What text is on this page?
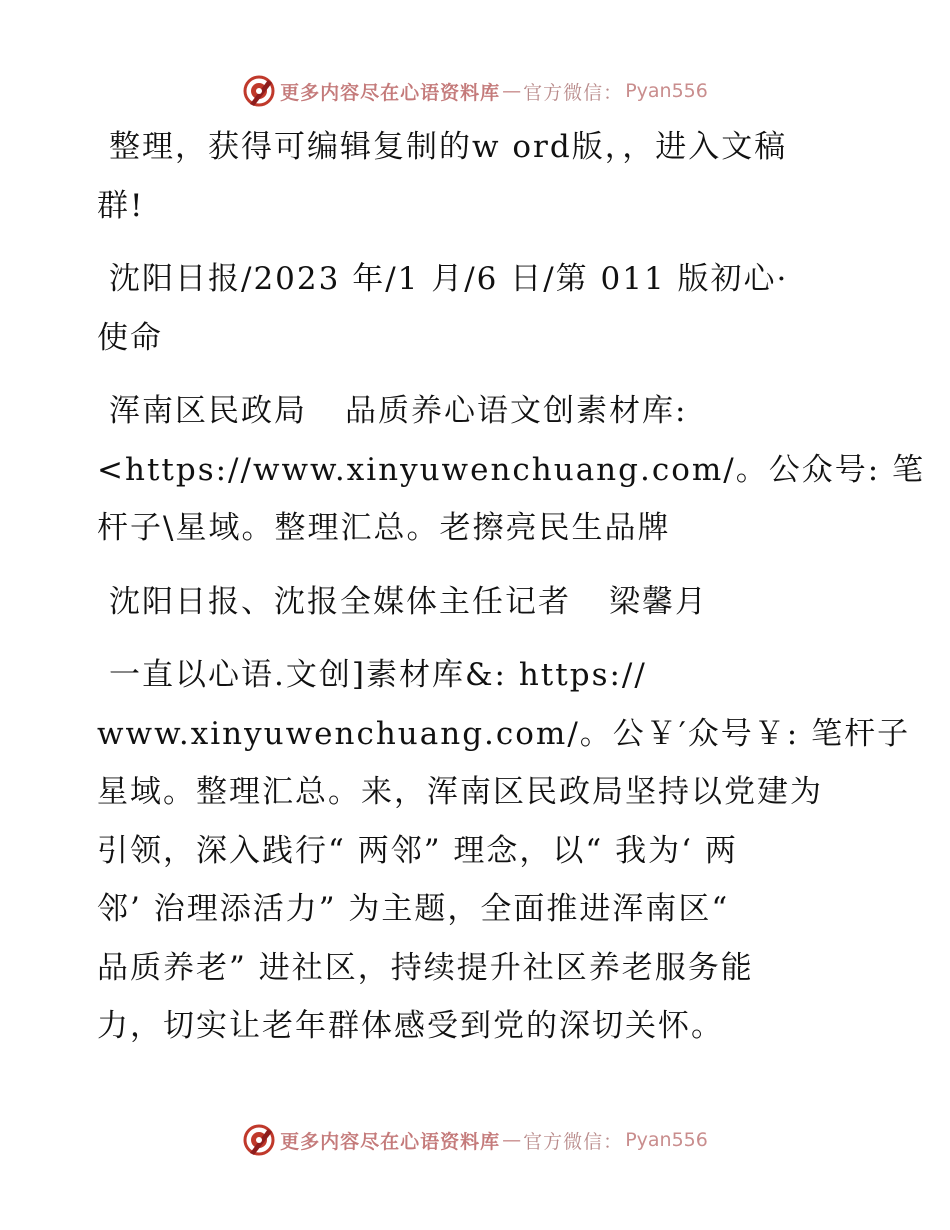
更多内容尽在心语资料库 — 官方微信： Pyan556

整理，获得可编辑复制的w ord版，，进入文稿
群!

沈阳日报/2023 年/1 月/6 日/第 011 版初心·
使命

浑南区民政局 品质养心语文创素材库:
<https://www.xinyuwenchuang.com/。公众号: 笔
杆子\星域。整理汇总。老擦亮民生品牌

沈阳日报、沈报全媒体主任记者 梁馨月

一直以心语.文创]素材库&: https://
www.xinyuwenchuang.com/。公￥′众号￥: 笔杆子
星域。整理汇总。来，浑南区民政局坚持以党建为
引领，深入践行“ 两邻” 理念，以“ 我为‘ 两
邻’ 治理添活力” 为主题，全面推进浑南区“
品质养老” 进社区，持续提升社区养老服务能
力，切实让老年群体感受到党的深切关怀。

更多内容尽在心语资料库 — 官方微信： Pyan556
